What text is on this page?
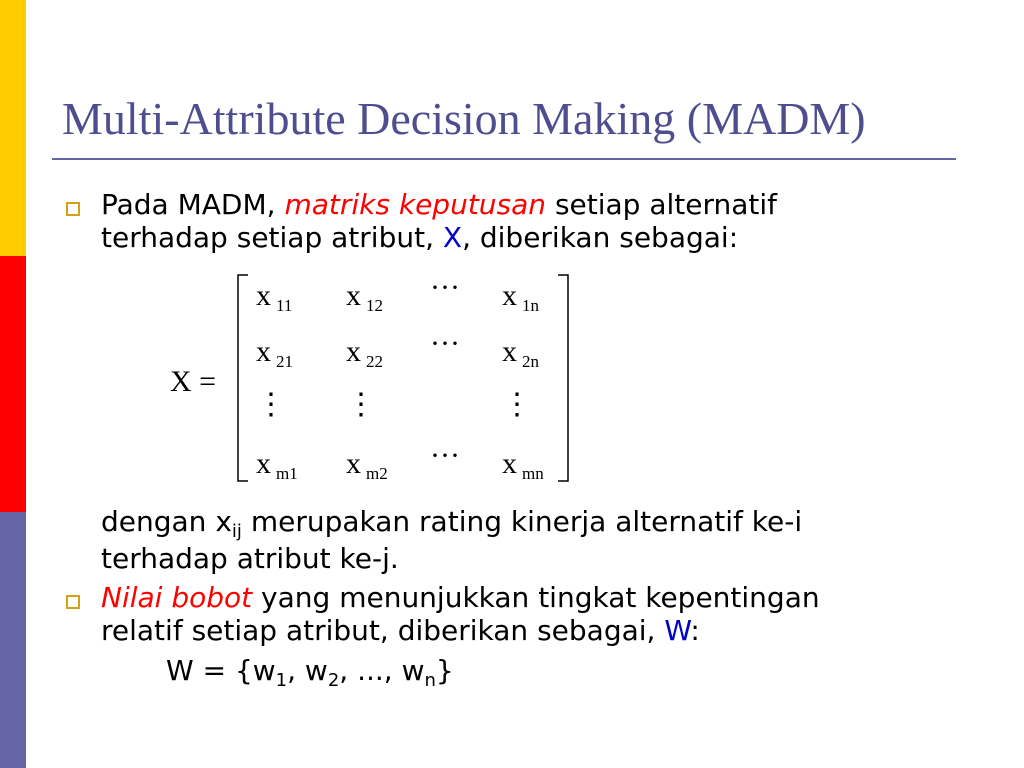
Multi-Attribute Decision Making (MADM)
Pada MADM, matriks keputusan setiap alternatif
terhadap setiap atribut, X, diberikan sebagai:
X =
x $_{11}$ x $_{12}$
··· x $_{1n}$
x $_{21}$ x $_{22}$
··· x $_{2n}$
⋮ ⋮	⋮
x $_{m1}$ x $_{m2}$
··· x $_{mn}$
dengan $x_{ij}$ merupakan rating kinerja alternatif ke-i
terhadap atribut ke-j.
Nilai bobot yang menunjukkan tingkat kepentingan
relatif setiap atribut, diberikan sebagai, W:
$W = \{w_1$, $w_2$, ..., $w_n$}
